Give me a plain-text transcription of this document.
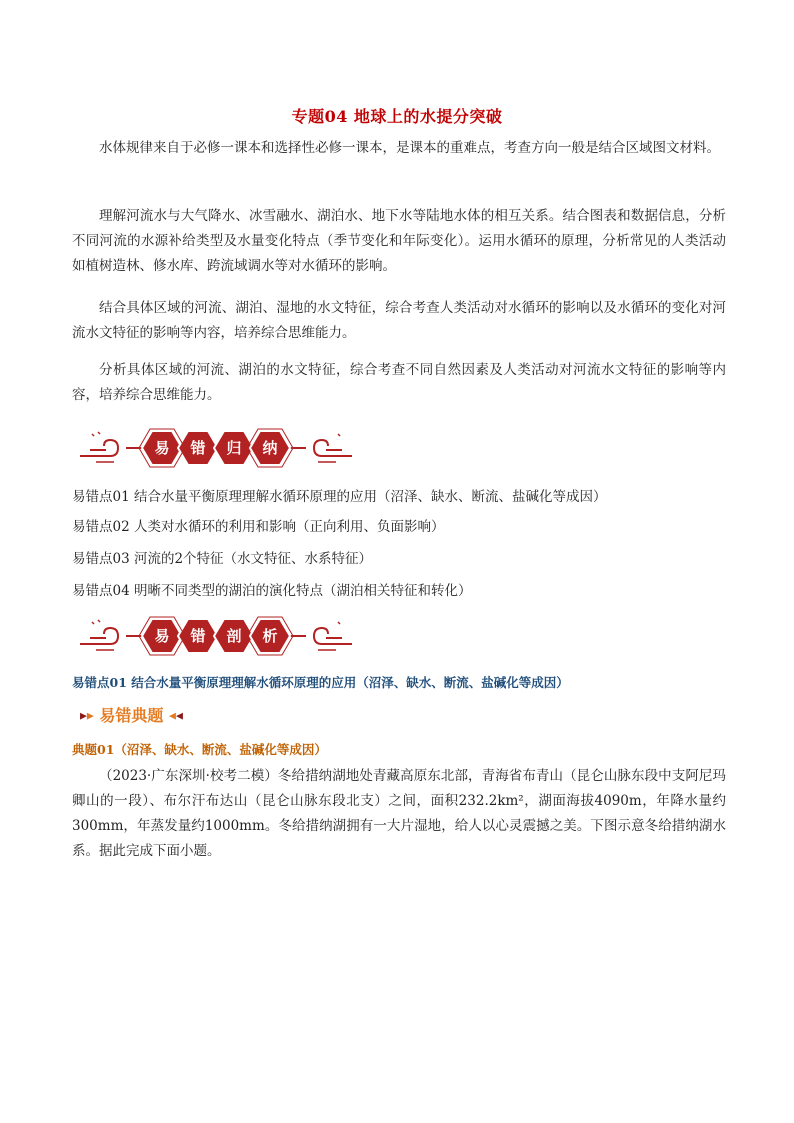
专题04 地球上的水提分突破

水体规律来自于必修一课本和选择性必修一课本，是课本的重难点，考查方向一般是结合区域图文材料。

理解河流水与大气降水、冰雪融水、湖泊水、地下水等陆地水体的相互关系。结合图表和数据信息，分析不同河流的水源补给类型及水量变化特点（季节变化和年际变化）。运用水循环的原理，分析常见的人类活动如植树造林、修水库、跨流域调水等对水循环的影响。

结合具体区域的河流、湖泊、湿地的水文特征，综合考查人类活动对水循环的影响以及水循环的变化对河流水文特征的影响等内容，培养综合思维能力。

分析具体区域的河流、湖泊的水文特征，综合考查不同自然因素及人类活动对河流水文特征的影响等内容，培养综合思维能力。

易	错	归	纳

易错点01 结合水量平衡原理理解水循环原理的应用（沼泽、缺水、断流、盐碱化等成因）

易错点02 人类对水循环的利用和影响（正向利用、负面影响）

易错点03 河流的2个特征（水文特征、水系特征）

易错点04 明晰不同类型的湖泊的演化特点（湖泊相关特征和转化）

易	错	剖	析
易错点01 结合水量平衡原理理解水循环原理的应用（沼泽、缺水、断流、盐碱化等成因）
▶▶ 易错典题 ◀◀
典题01（沼泽、缺水、断流、盐碱化等成因）

（2023·广东深圳·校考二模）冬给措纳湖地处青藏高原东北部，青海省布青山（昆仑山脉东段中支阿尼玛卿山的一段）、布尔汗布达山（昆仑山脉东段北支）之间，面积232.2km²，湖面海拔4090m，年降水量约300mm，年蒸发量约1000mm。冬给措纳湖拥有一大片湿地，给人以心灵震撼之美。下图示意冬给措纳湖水系。据此完成下面小题。
